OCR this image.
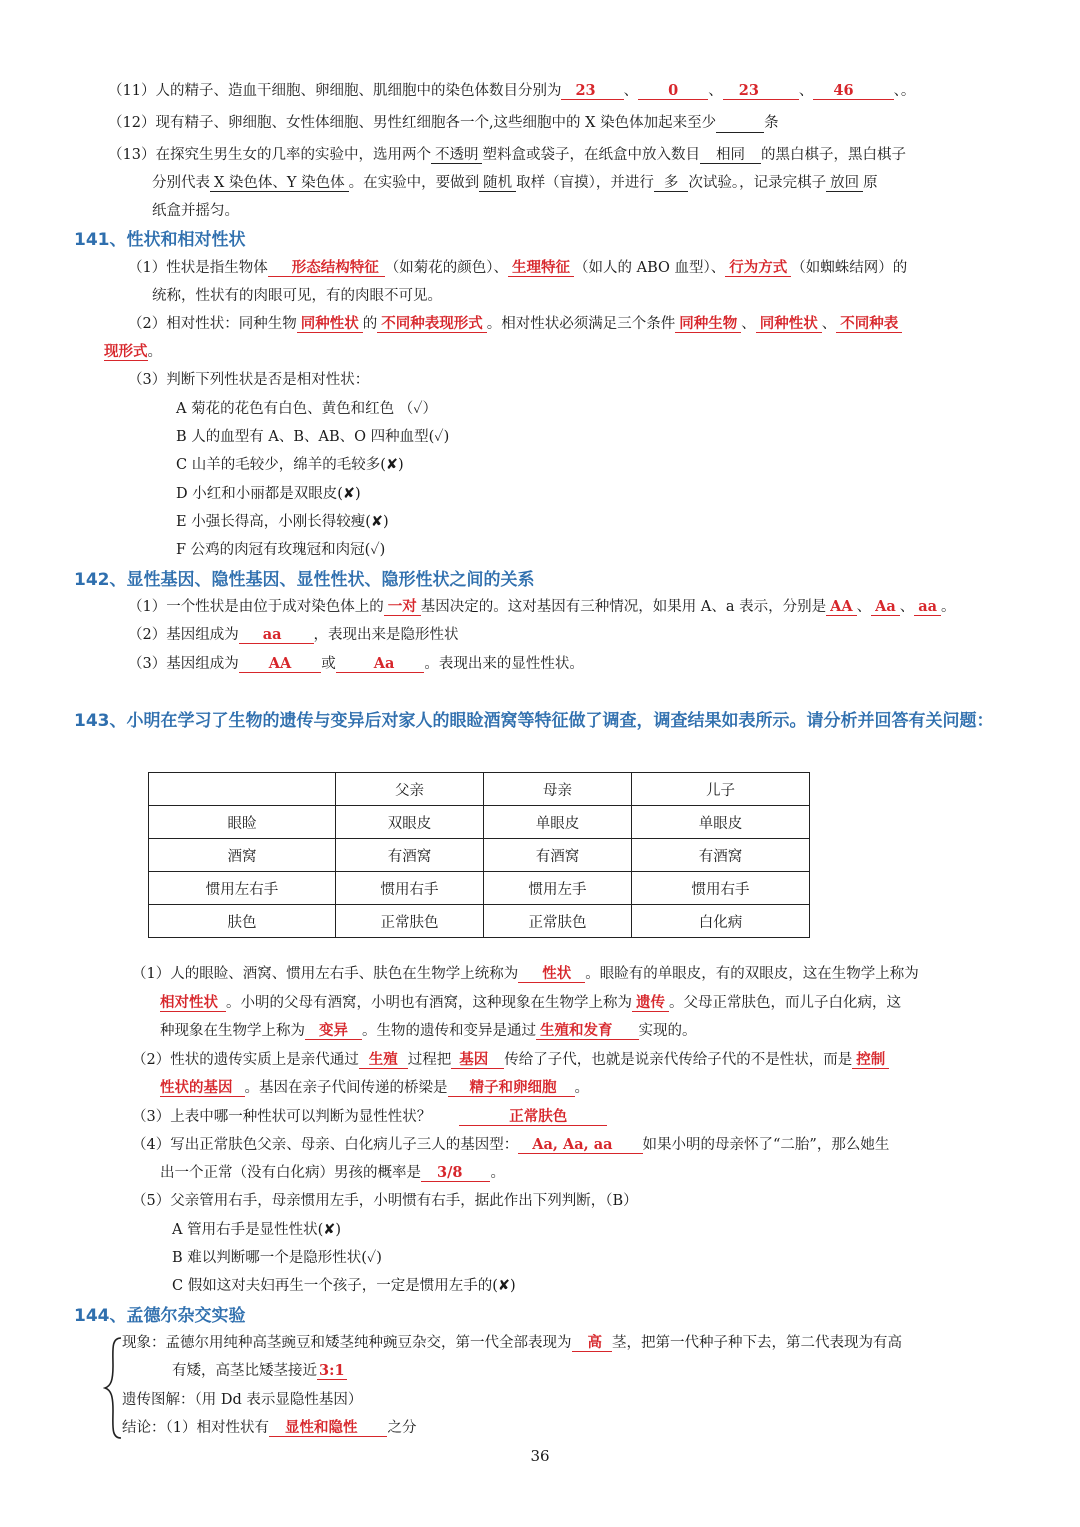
（11）人的精子、造血干细胞、卵细胞、肌细胞中的染色体数目分别为 23 、 0 、 23	、 46	、。
（12）现有精子、卵细胞、女性体细胞、男性红细胞各一个,这些细胞中的 X 染色体加起来至少	条
（13）在探究生男生女的几率的实验中，选用两个 不透明 塑料盒或袋子，在纸盒中放入数目 相同 的黑白棋子，黑白棋子
分别代表 X 染色体、Y 染色体 。在实验中，要做到 随机 取样（盲摸），并进行 多 次试验。，记录完棋子 放回 原
纸盒并摇匀。
141、性状和相对性状
（1）性状是指生物体 形态结构特征 （如菊花的颜色）、 生理特征 （如人的 ABO 血型）、 行为方式 （如蜘蛛结网）的
统称，性状有的肉眼可见，有的肉眼不可见。
（2）相对性状：同种生物 同种性状 的 不同种表现形式 。相对性状必须满足三个条件 同种生物 、 同种性状 、 不同种表
现形式。
（3）判断下列性状是否是相对性状：
A 菊花的花色有白色、黄色和红色 （✓）
B 人的血型有 A、B、AB、O 四种血型(✓)
C 山羊的毛较少，绵羊的毛较多(✘)
D 小红和小丽都是双眼皮(✘)
E 小强长得高，小刚长得较瘦(✘)
F 公鸡的肉冠有玫瑰冠和肉冠(✓)
142、显性基因、隐性基因、显性性状、隐形性状之间的关系
（1）一个性状是由位于成对染色体上的 一对 基因决定的。这对基因有三种情况，如果用 A、a 表示，分别是 AA 、 Aa 、 aa 。
（2）基因组成为 aa ，表现出来是隐形性状
（3）基因组成为 AA 或	Aa 。表现出来的显性性状。
143、小明在学习了生物的遗传与变异后对家人的眼睑酒窝等特征做了调查，调查结果如表所示。请分析并回答有关问题：
	父亲	母亲	儿子
眼睑	双眼皮	单眼皮	单眼皮
酒窝	有酒窝	有酒窝	有酒窝
惯用左右手	惯用右手	惯用左手	惯用右手
肤色	正常肤色	正常肤色	白化病
（1）人的眼睑、酒窝、惯用左右手、肤色在生物学上统称为 性状 。眼睑有的单眼皮，有的双眼皮，这在生物学上称为
相对性状 。小明的父母有酒窝，小明也有酒窝，这种现象在生物学上称为 遗传 。父母正常肤色，而儿子白化病，这
种现象在生物学上称为 变异 。生物的遗传和变异是通过 生殖和发育 实现的。
（2）性状的遗传实质上是亲代通过 生殖 过程把 基因 传给了子代，也就是说亲代传给子代的不是性状，而是 控制
性状的基因 。基因在亲子代间传递的桥梁是 精子和卵细胞 。
（3）上表中哪一种性状可以判断为显性性状？	正常肤色
（4）写出正常肤色父亲、母亲、白化病儿子三人的基因型： Aa, Aa, aa 如果小明的母亲怀了“二胎”，那么她生
出一个正常（没有白化病）男孩的概率是 3/8 。
（5）父亲管用右手，母亲惯用左手，小明惯有右手，据此作出下列判断，（B）
A 管用右手是显性性状(✘)
B 难以判断哪一个是隐形性状(✓)
C 假如这对夫妇再生一个孩子，一定是惯用左手的(✘)
144、孟德尔杂交实验
现象：孟德尔用纯种高茎豌豆和矮茎纯种豌豆杂交，第一代全部表现为 高 茎，把第一代种子种下去，第二代表现为有高
有矮，高茎比矮茎接近 3:1
遗传图解：（用 Dd 表示显隐性基因）
结论：（1）相对性状有 显性和隐性 之分
36
